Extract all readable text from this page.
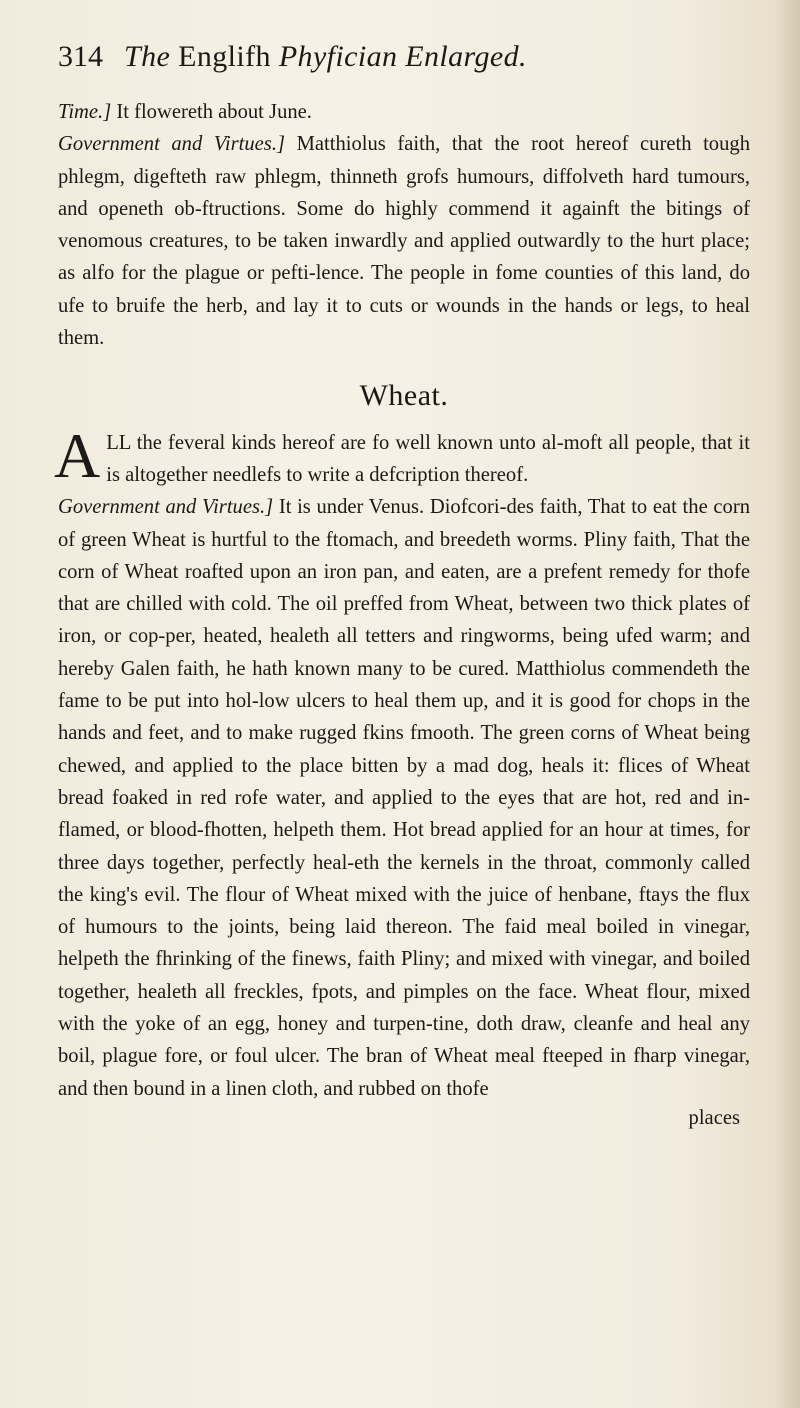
314 The Englifh Phyfician Enlarged.

Time.] It flowereth about June.

Government and Virtues.] Matthiolus faith, that the root hereof cureth tough phlegm, digefteth raw phlegm, thinneth grofs humours, diffolveth hard tumours, and openeth ob-ftructions. Some do highly commend it againft the bitings of venomous creatures, to be taken inwardly and applied outwardly to the hurt place; as alfo for the plague or pefti-lence. The people in fome counties of this land, do ufe to bruife the herb, and lay it to cuts or wounds in the hands or legs, to heal them.

Wheat.

ALL the feveral kinds hereof are fo well known unto al-moft all people, that it is altogether needlefs to write a defcription thereof.

Government and Virtues.] It is under Venus. Diofcori-des faith, That to eat the corn of green Wheat is hurtful to the ftomach, and breedeth worms. Pliny faith, That the corn of Wheat roafted upon an iron pan, and eaten, are a prefent remedy for thofe that are chilled with cold. The oil preffed from Wheat, between two thick plates of iron, or cop-per, heated, healeth all tetters and ringworms, being ufed warm; and hereby Galen faith, he hath known many to be cured. Matthiolus commendeth the fame to be put into hol-low ulcers to heal them up, and it is good for chops in the hands and feet, and to make rugged fkins fmooth. The green corns of Wheat being chewed, and applied to the place bitten by a mad dog, heals it: flices of Wheat bread foaked in red rofe water, and applied to the eyes that are hot, red and in-flamed, or blood-fhotten, helpeth them. Hot bread applied for an hour at times, for three days together, perfectly heal-eth the kernels in the throat, commonly called the king's evil. The flour of Wheat mixed with the juice of henbane, ftays the flux of humours to the joints, being laid thereon. The faid meal boiled in vinegar, helpeth the fhrinking of the finews, faith Pliny; and mixed with vinegar, and boiled together, healeth all freckles, fpots, and pimples on the face. Wheat flour, mixed with the yoke of an egg, honey and turpen-tine, doth draw, cleanfe and heal any boil, plague fore, or foul ulcer. The bran of Wheat meal fteeped in fharp vinegar, and then bound in a linen cloth, and rubbed on thofe

places
